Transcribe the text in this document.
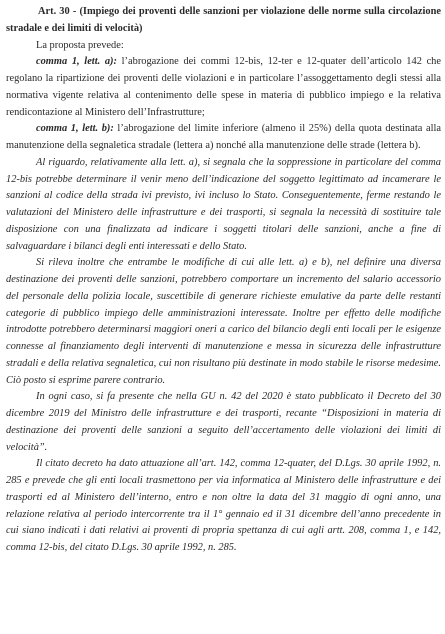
Art. 30 - (Impiego dei proventi delle sanzioni per violazione delle norme sulla circolazione stradale e dei limiti di velocità)

La proposta prevede:

comma 1, lett. a): l’abrogazione dei commi 12-bis, 12-ter e 12-quater dell’articolo 142 che regolano la ripartizione dei proventi delle violazioni e in particolare l’assoggettamento degli stessi alla normativa vigente relativa al contenimento delle spese in materia di pubblico impiego e la relativa rendicontazione al Ministero dell’Infrastrutture;

comma 1, lett. b): l’abrogazione del limite inferiore (almeno il 25%) della quota destinata alla manutenzione della segnaletica stradale (lettera a) nonché alla manutenzione delle strade (lettera b).

Al riguardo, relativamente alla lett. a), si segnala che la soppressione in particolare del comma 12-bis potrebbe determinare il venir meno dell’indicazione del soggetto legittimato ad incamerare le sanzioni al codice della strada ivi previsto, ivi incluso lo Stato. Conseguentemente, ferme restando le valutazioni del Ministero delle infrastrutture e dei trasporti, si segnala la necessità di sostituire tale disposizione con una finalizzata ad indicare i soggetti titolari delle sanzioni, anche a fine di salvaguardare i bilanci degli enti interessati e dello Stato.

Si rileva inoltre che entrambe le modifiche di cui alle lett. a) e b), nel definire una diversa destinazione dei proventi delle sanzioni, potrebbero comportare un incremento del salario accessorio del personale della polizia locale, suscettibile di generare richieste emulative da parte delle restanti categorie di pubblico impiego delle amministrazioni interessate. Inoltre per effetto delle modifiche introdotte potrebbero determinarsi maggiori oneri a carico del bilancio degli enti locali per le esigenze connesse al finanziamento degli interventi di manutenzione e messa in sicurezza delle infrastrutture stradali e della relativa segnaletica, cui non risultano più destinate in modo stabile le risorse medesime. Ciò posto si esprime parere contrario.

In ogni caso, si fa presente che nella GU n. 42 del 2020 è stato pubblicato il Decreto del 30 dicembre 2019 del Ministro delle infrastrutture e dei trasporti, recante “Disposizioni in materia di destinazione dei proventi delle sanzioni a seguito dell’accertamento delle violazioni dei limiti di velocità”.

Il citato decreto ha dato attuazione all’art. 142, comma 12-quater, del D.Lgs. 30 aprile 1992, n. 285 e prevede che gli enti locali trasmettono per via informatica al Ministero delle infrastrutture e dei trasporti ed al Ministero dell’interno, entro e non oltre la data del 31 maggio di ogni anno, una relazione relativa al periodo intercorrente tra il 1° gennaio ed il 31 dicembre dell’anno precedente in cui siano indicati i dati relativi ai proventi di propria spettanza di cui agli artt. 208, comma 1, e 142, comma 12-bis, del citato D.Lgs. 30 aprile 1992, n. 285.
